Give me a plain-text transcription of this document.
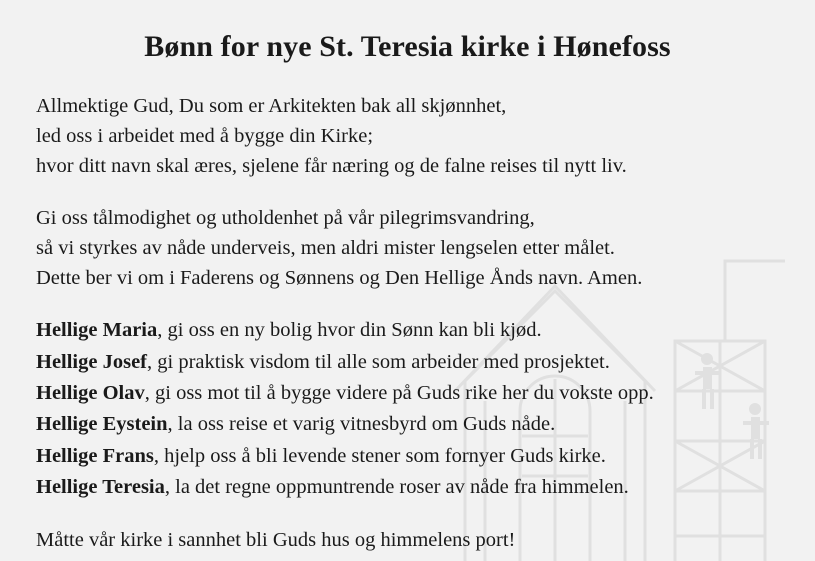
Bønn for nye St. Teresia kirke i Hønefoss
Allmektige Gud, Du som er Arkitekten bak all skjønnhet,
led oss i arbeidet med å bygge din Kirke;
hvor ditt navn skal æres, sjelene får næring og de falne reises til nytt liv.
Gi oss tålmodighet og utholdenhet på vår pilegrimsvandring,
så vi styrkes av nåde underveis, men aldri mister lengselen etter målet.
Dette ber vi om i Faderens og Sønnens og Den Hellige Ånds navn. Amen.
Hellige Maria, gi oss en ny bolig hvor din Sønn kan bli kjød.
Hellige Josef, gi praktisk visdom til alle som arbeider med prosjektet.
Hellige Olav, gi oss mot til å bygge videre på Guds rike her du vokste opp.
Hellige Eystein, la oss reise et varig vitnesbyrd om Guds nåde.
Hellige Frans, hjelp oss å bli levende stener som fornyer Guds kirke.
Hellige Teresia, la det regne oppmuntrende roser av nåde fra himmelen.
Måtte vår kirke i sannhet bli Guds hus og himmelens port!
